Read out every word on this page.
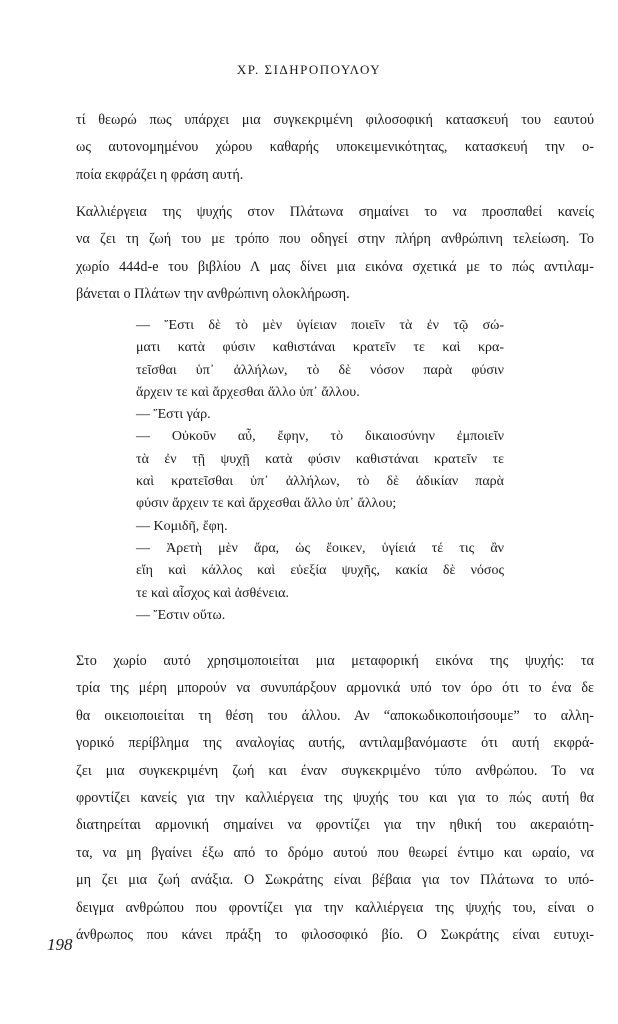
ΧΡ. ΣΙΔΗΡΟΠΟΥΛΟΥ
τί θεωρώ πως υπάρχει μια συγκεκριμένη φιλοσοφική κατασκευή του εαυτού
ως αυτονομημένου χώρου καθαρής υποκειμενικότητας, κατασκευή την ο-
ποία εκφράζει η φράση αυτή.
Καλλιέργεια της ψυχής στον Πλάτωνα σημαίνει το να προσπαθεί κανείς
να ζει τη ζωή του με τρόπο που οδηγεί στην πλήρη ανθρώπινη τελείωση. Το
χωρίο 444d-e του βιβλίου Λ μας δίνει μια εικόνα σχετικά με το πώς αντιλαμ-
βάνεται ο Πλάτων την ανθρώπινη ολοκλήρωση.
— Ἔστι δὲ τὸ μὲν ὑγίειαν ποιεῖν τὰ ἐν τῷ σώ-
ματι κατὰ φύσιν καθιστάναι κρατεῖν τε καὶ κρα-
τεῖσθαι ὑπ᾽ ἀλλήλων, τὸ δὲ νόσον παρὰ φύσιν
ἄρχειν τε καὶ ἄρχεσθαι ἄλλο ὑπ᾽ ἄλλου.
— Ἔστι γάρ.
— Οὐκοῦν αὖ, ἔφην, τὸ δικαιοσύνην ἐμποιεῖν
τὰ ἐν τῇ ψυχῇ κατὰ φύσιν καθιστάναι κρατεῖν τε
καὶ κρατεῖσθαι ὑπ᾽ ἀλλήλων, τὸ δὲ ἀδικίαν παρὰ
φύσιν ἄρχειν τε καὶ ἄρχεσθαι ἄλλο ὑπ᾽ ἄλλου;
— Κομιδῆ, ἔφη.
— Ἀρετὴ μὲν ἄρα, ὡς ἔοικεν, ὑγίειά τέ τις ἂν
εἴη καὶ κάλλος καὶ εὐεξία ψυχῆς, κακία δὲ νόσος
τε καὶ αἶσχος καὶ ἀσθένεια.
— Ἔστιν οὕτω.
Στο χωρίο αυτό χρησιμοποιείται μια μεταφορική εικόνα της ψυχής: τα
τρία της μέρη μπορούν να συνυπάρξουν αρμονικά υπό τον όρο ότι το ένα δε
θα οικειοποιείται τη θέση του άλλου. Αν “αποκωδικοποιήσουμε” το αλλη-
γορικό περίβλημα της αναλογίας αυτής, αντιλαμβανόμαστε ότι αυτή εκφρά-
ζει μια συγκεκριμένη ζωή και έναν συγκεκριμένο τύπο ανθρώπου. Το να
φροντίζει κανείς για την καλλιέργεια της ψυχής του και για το πώς αυτή θα
διατηρείται αρμονική σημαίνει να φροντίζει για την ηθική του ακεραιότη-
τα, να μη βγαίνει έξω από το δρόμο αυτού που θεωρεί έντιμο και ωραίο, να
μη ζει μια ζωή ανάξια. Ο Σωκράτης είναι βέβαια για τον Πλάτωνα το υπό-
δειγμα ανθρώπου που φροντίζει για την καλλιέργεια της ψυχής του, είναι ο
άνθρωπος που κάνει πράξη το φιλοσοφικό βίο. Ο Σωκράτης είναι ευτυχι-
198
